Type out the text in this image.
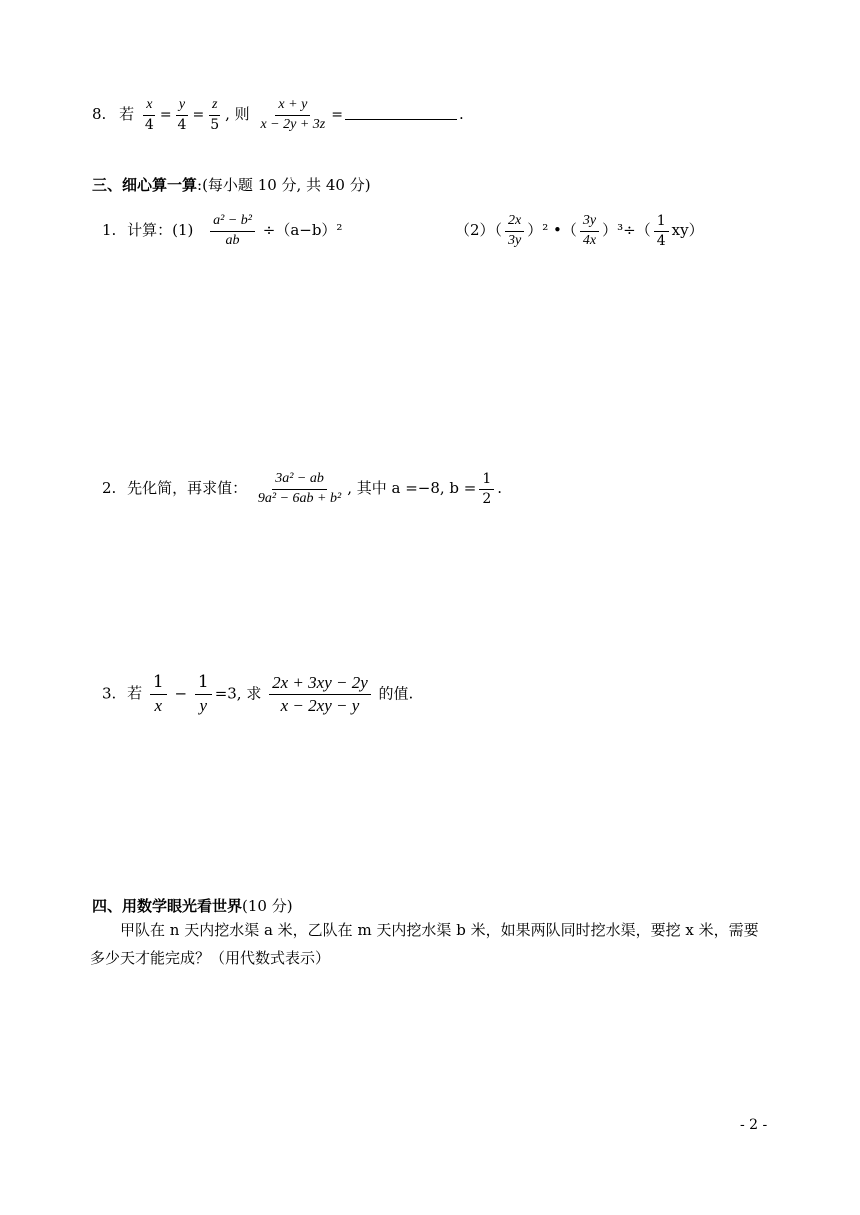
8. 若 $\frac{x}{4} = \frac{y}{4} = \frac{z}{5}$ , 则 $\frac{x + y}{x - 2y + 3z}$ =	.
三、细心算一算:(每小题 10 分, 共 40 分)
1. 计算：$(1) \frac{\text{a² − b²}}{ab} \div(a-b)^2$	$(2)( \frac{2x}{3y} )^2$ •（ $\frac{3y}{4x} )^3\div( \frac{1}{4} xy)$
2. 先化简，再求值： $\frac{\text{3a² − ab}}{\text{9a² − 6ab + b²}}$ , 其中 a =−8, $b = \frac{1}{2}$ .
3. 若 $\frac{1}{x} - \frac{1}{y} =3$, 求 $\frac{2x + 3xy - 2y}{x - 2xy - y}$ 的值.
四、用数学眼光看世界(10 分)
甲队在 n 天内挖水渠 a 米，乙队在 m 天内挖水渠 b 米，如果两队同时挖水渠，要挖 x 米，需要多少天才能完成？（用代数式表示）
- 2 -
